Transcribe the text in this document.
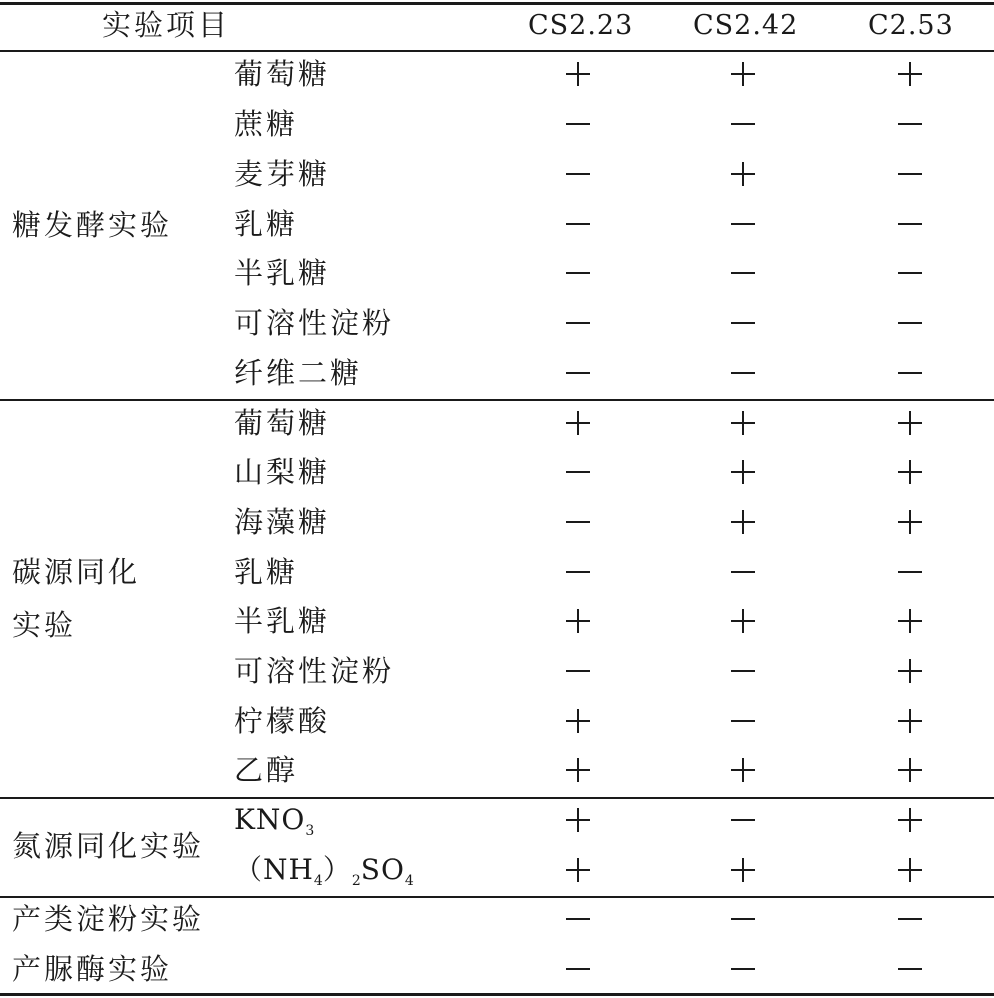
实验项目	CS2.23 CS2.42	C2.53
糖发酵实验
碳源同化
实验
氮源同化实验
产类淀粉实验
产脲酶实验
葡萄糖
蔗糖
麦芽糖
乳糖
半乳糖
可溶性淀粉
纤维二糖
葡萄糖
山梨糖
海藻糖
乳糖
半乳糖
可溶性淀粉
柠檬酸
乙醇
$KNO_3$
$(NH_4)_2SO_4$
